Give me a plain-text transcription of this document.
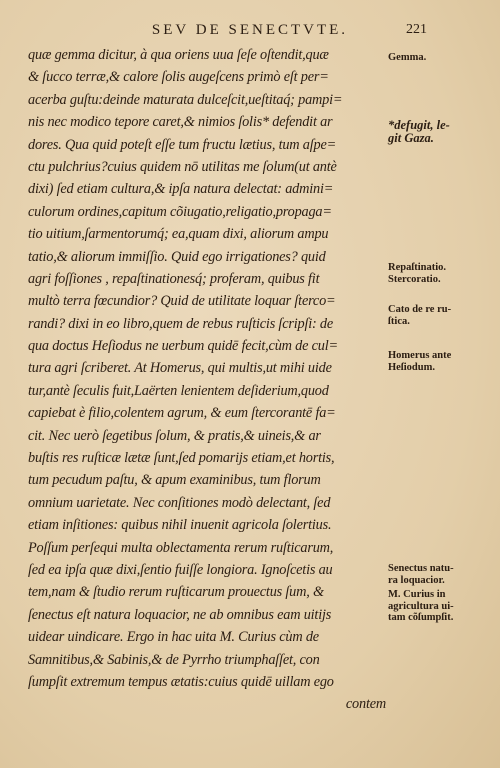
SEV DE SENECTVTE.	221
quæ gemma dicitur, à qua oriens uua ſeſe oſtendit,quæ
& ſucco terræ,& calore ſolis augeſcens primò eſt per=
acerba guſtu:deinde maturata dulceſcit,ueſtitaq́; pampi=
nis nec modico tepore caret,& nimios ſolis* defendit ar
dores. Qua quid poteſt eſſe tum fructu lætius, tum aſpe=
ctu pulchrius?cuius quidem nō utilitas me ſolum(ut antè
dixi) ſed etiam cultura,& ipſa natura delectat: admini=
culorum ordines,capitum cõiugatio,religatio,propaga=
tio uitium,ſarmentorumq́; ea,quam dixi, aliorum ampu
tatio,& aliorum immiſſio. Quid ego irrigationes? quid
agri foſſiones , repaſtinationesq́; proferam, quibus fit
multò terra fœcundior? Quid de utilitate loquar ſterco=
randi? dixi in eo libro,quem de rebus ruſticis ſcripſi: de
qua doctus Heſiodus ne uerbum quidē fecit,cùm de cul=
tura agri ſcriberet. At Homerus, qui multis,ut mihi uide
tur,antè ſeculis fuit,Laërten lenientem deſiderium,quod
capiebat è filio,colentem agrum, & eum ſtercorantē fa=
cit. Nec uerò ſegetibus ſolum, & pratis,& uineis,& ar
buſtis res ruſticæ lætæ ſunt,ſed pomarijs etiam,et hortis,
tum pecudum paſtu, & apum examinibus, tum florum
omnium uarietate. Nec conſitiones modò delectant, ſed
etiam inſitiones: quibus nihil inuenit agricola ſolertius.
Poſſum perſequi multa oblectamenta rerum ruſticarum,
ſed ea ipſa quæ dixi,ſentio fuiſſe longiora. Ignoſcetis au
tem,nam & ſtudio rerum ruſticarum prouectus ſum, &
ſenectus eſt natura loquacior, ne ab omnibus eam uitijs
uidear uindicare. Ergo in hac uita M. Curius cùm de
Samnitibus,& Sabinis,& de Pyrrho triumphaſſet, con
ſumpſit extremum tempus ætatis:cuius quidē uillam ego
contem
Gemma.
*defugit, le-
git Gaza.
Repaſtinatio.
Stercoratio.
Cato de re ru-
ſtica.
Homerus ante
Heſiodum.
Senectus natu-
ra loquacior.
M. Curius in
agricultura ui-
tam cõſumpſit.
